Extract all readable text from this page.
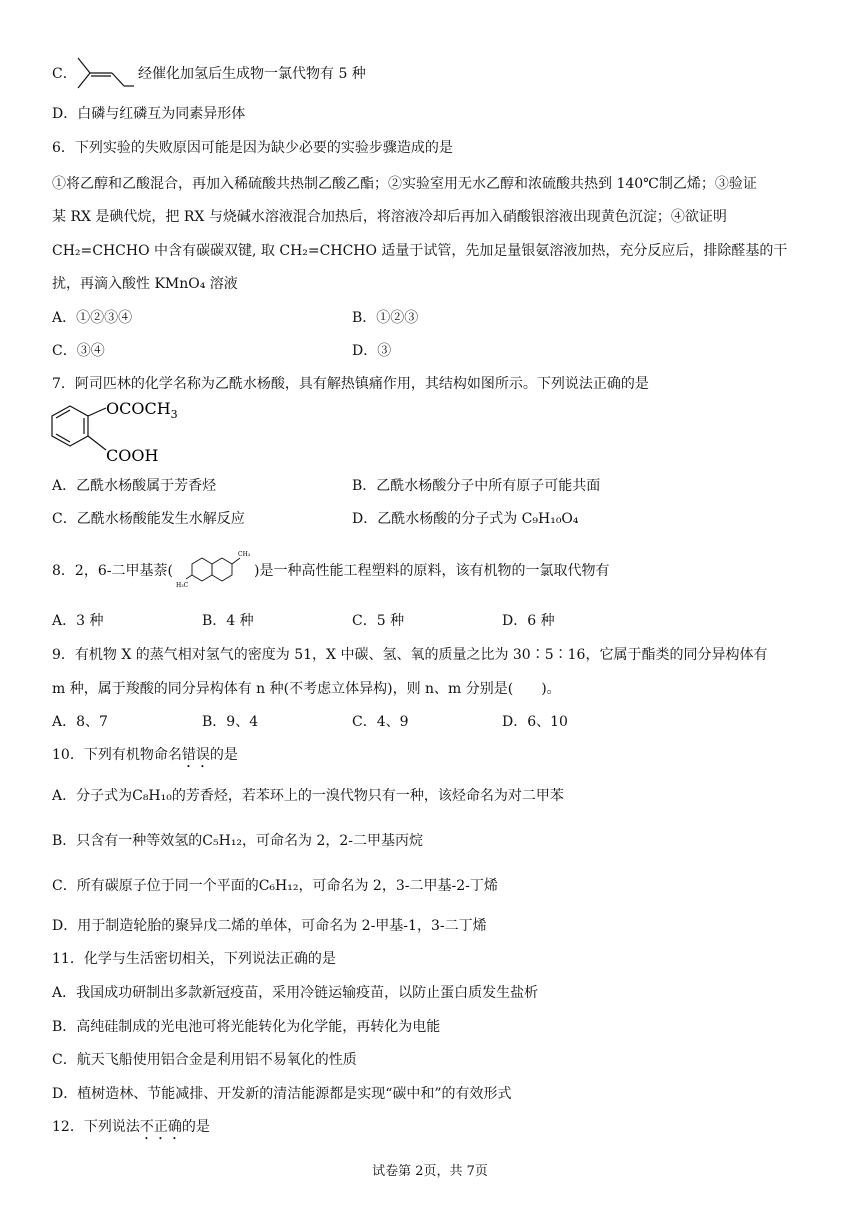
C．	经催化加氢后生成物一氯代物有 5 种
D．白磷与红磷互为同素异形体
6．下列实验的失败原因可能是因为缺少必要的实验步骤造成的是
①将乙醇和乙酸混合，再加入稀硫酸共热制乙酸乙酯；②实验室用无水乙醇和浓硫酸共热到 140℃制乙烯；③验证
某 RX 是碘代烷，把 RX 与烧碱水溶液混合加热后，将溶液冷却后再加入硝酸银溶液出现黄色沉淀；④欲证明
CH₂=CHCHO 中含有碳碳双键, 取 CH₂=CHCHO 适量于试管，先加足量银氨溶液加热，充分反应后，排除醛基的干
扰，再滴入酸性 KMnO₄ 溶液
A．①②③④	B．①②③
C．③④	D．③
7．阿司匹林的化学名称为乙酰水杨酸，具有解热镇痛作用，其结构如图所示。下列说法正确的是
$OCOCH_3$
COOH
A．乙酰水杨酸属于芳香烃	B．乙酰水杨酸分子中所有原子可能共面
C．乙酰水杨酸能发生水解反应	D．乙酰水杨酸的分子式为 C₉H₁₀O₄
8．2，6-二甲基萘(
CH₃
H₃C
)是一种高性能工程塑料的原料，该有机物的一氯取代物有
A．3 种	B．4 种	C．5 种	D．6 种
9．有机物 X 的蒸气相对氢气的密度为 51，X 中碳、氢、氧的质量之比为 30∶5∶16，它属于酯类的同分异构体有
m 种，属于羧酸的同分异构体有 n 种(不考虑立体异构)，则 n、m 分别是(　　)。
A．8、7	B．9、4	C．4、9	D．6、10
10．下列有机物命名错误的是
A．分子式为C₈H₁₀的芳香烃，若苯环上的一溴代物只有一种，该烃命名为对二甲苯
B．只含有一种等效氢的C₅H₁₂，可命名为 2，2-二甲基丙烷
C．所有碳原子位于同一个平面的C₆H₁₂，可命名为 2，3-二甲基-2-丁烯
D．用于制造轮胎的聚异戊二烯的单体，可命名为 2-甲基-1，3-二丁烯
11．化学与生活密切相关，下列说法正确的是
A．我国成功研制出多款新冠疫苗，采用冷链运输疫苗，以防止蛋白质发生盐析
B．高纯硅制成的光电池可将光能转化为化学能，再转化为电能
C．航天飞船使用铝合金是利用铝不易氧化的性质
D．植树造林、节能减排、开发新的清洁能源都是实现“碳中和”的有效形式
12．下列说法不正确的是
试卷第 2页，共 7页
